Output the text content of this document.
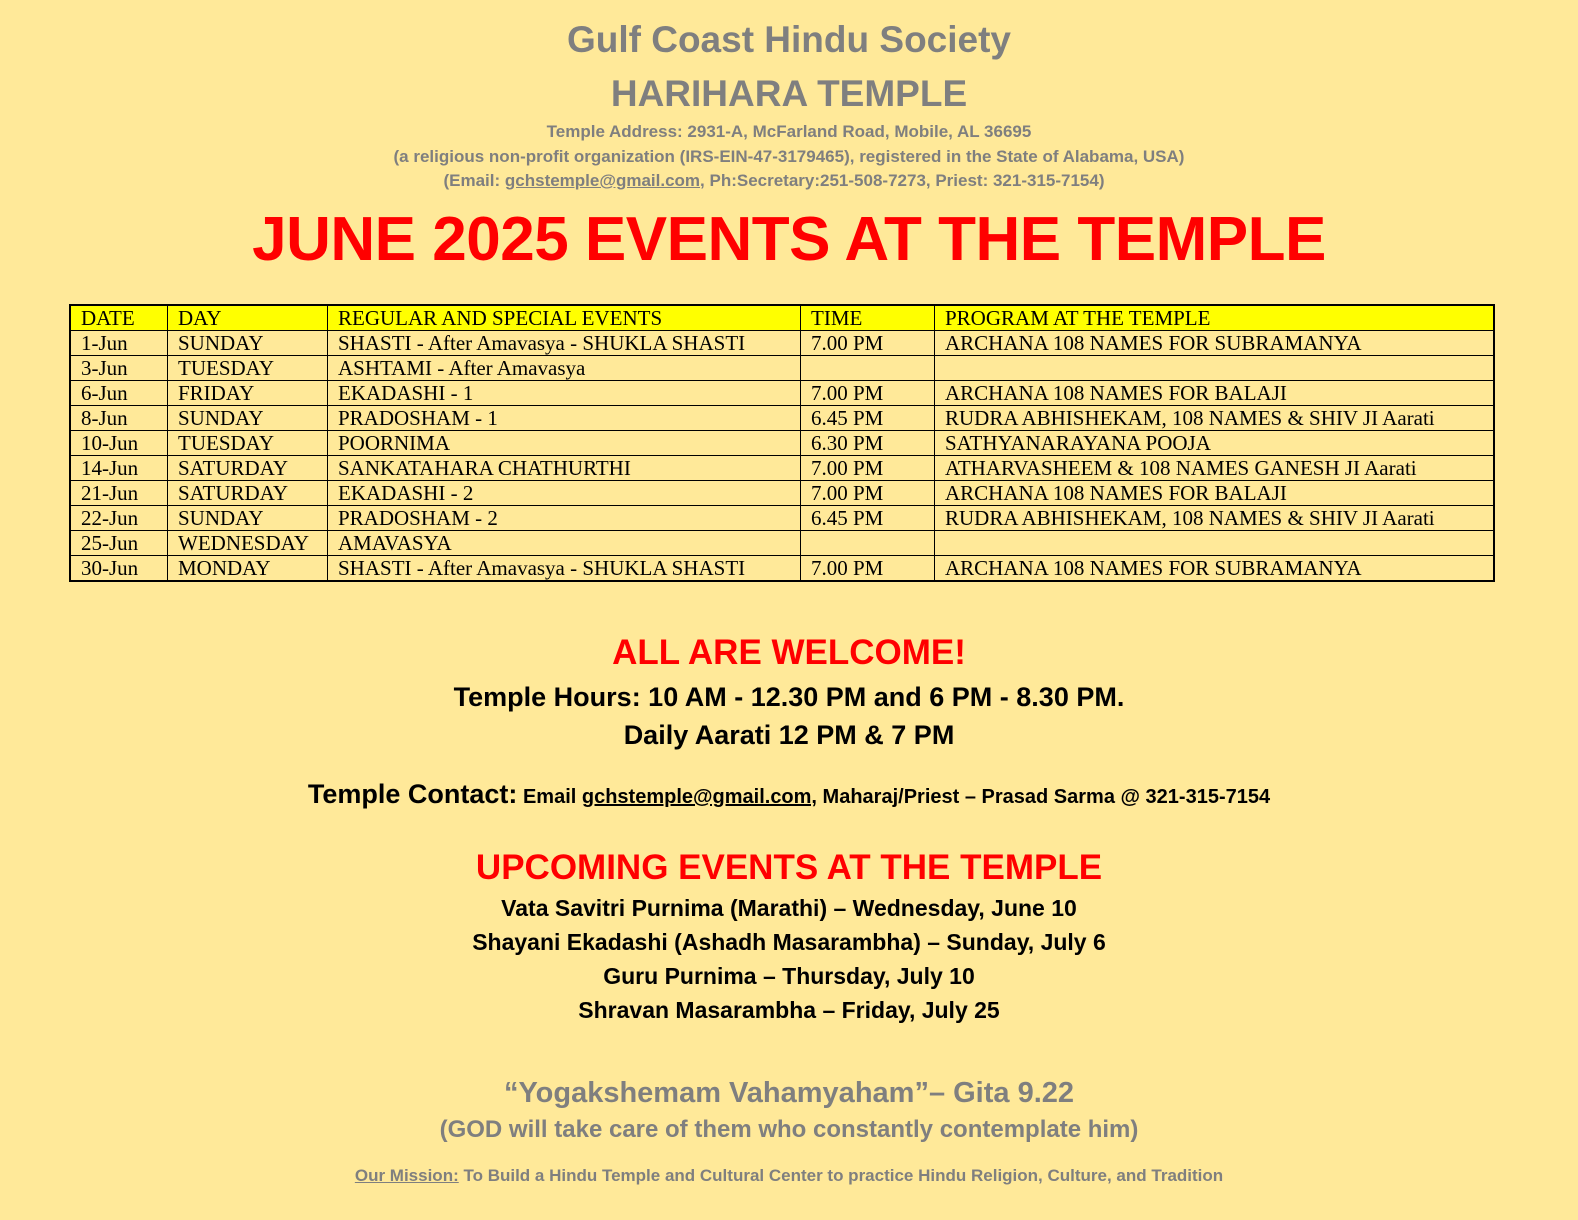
Gulf Coast Hindu Society
HARIHARA TEMPLE
Temple Address: 2931-A, McFarland Road, Mobile, AL 36695
(a religious non-profit organization (IRS-EIN-47-3179465), registered in the State of Alabama, USA)
(Email: gchstemple@gmail.com, Ph:Secretary:251-508-7273, Priest: 321-315-7154)
JUNE 2025 EVENTS AT THE TEMPLE
DATE	DAY	REGULAR AND SPECIAL EVENTS	TIME	PROGRAM AT THE TEMPLE
1-Jun	SUNDAY	SHASTI - After Amavasya - SHUKLA SHASTI	7.00 PM	ARCHANA 108 NAMES FOR SUBRAMANYA
3-Jun	TUESDAY	ASHTAMI - After Amavasya		
6-Jun	FRIDAY	EKADASHI - 1	7.00 PM	ARCHANA 108 NAMES FOR BALAJI
8-Jun	SUNDAY	PRADOSHAM - 1	6.45 PM	RUDRA ABHISHEKAM, 108 NAMES & SHIV JI Aarati
10-Jun	TUESDAY	POORNIMA	6.30 PM	SATHYANARAYANA POOJA
14-Jun	SATURDAY	SANKATAHARA CHATHURTHI	7.00 PM	ATHARVASHEEM & 108 NAMES GANESH JI Aarati
21-Jun	SATURDAY	EKADASHI - 2	7.00 PM	ARCHANA 108 NAMES FOR BALAJI
22-Jun	SUNDAY	PRADOSHAM - 2	6.45 PM	RUDRA ABHISHEKAM, 108 NAMES & SHIV JI Aarati
25-Jun	WEDNESDAY	AMAVASYA		
30-Jun	MONDAY	SHASTI - After Amavasya - SHUKLA SHASTI	7.00 PM	ARCHANA 108 NAMES FOR SUBRAMANYA
ALL ARE WELCOME!
Temple Hours: 10 AM - 12.30 PM and 6 PM - 8.30 PM.
Daily Aarati 12 PM & 7 PM
Temple Contact: Email gchstemple@gmail.com, Maharaj/Priest – Prasad Sarma @ 321-315-7154
UPCOMING EVENTS AT THE TEMPLE
Vata Savitri Purnima (Marathi) – Wednesday, June 10
Shayani Ekadashi (Ashadh Masarambha) – Sunday, July 6
Guru Purnima – Thursday, July 10
Shravan Masarambha – Friday, July 25
“Yogakshemam Vahamyaham”– Gita 9.22
(GOD will take care of them who constantly contemplate him)
Our Mission: To Build a Hindu Temple and Cultural Center to practice Hindu Religion, Culture, and Tradition
